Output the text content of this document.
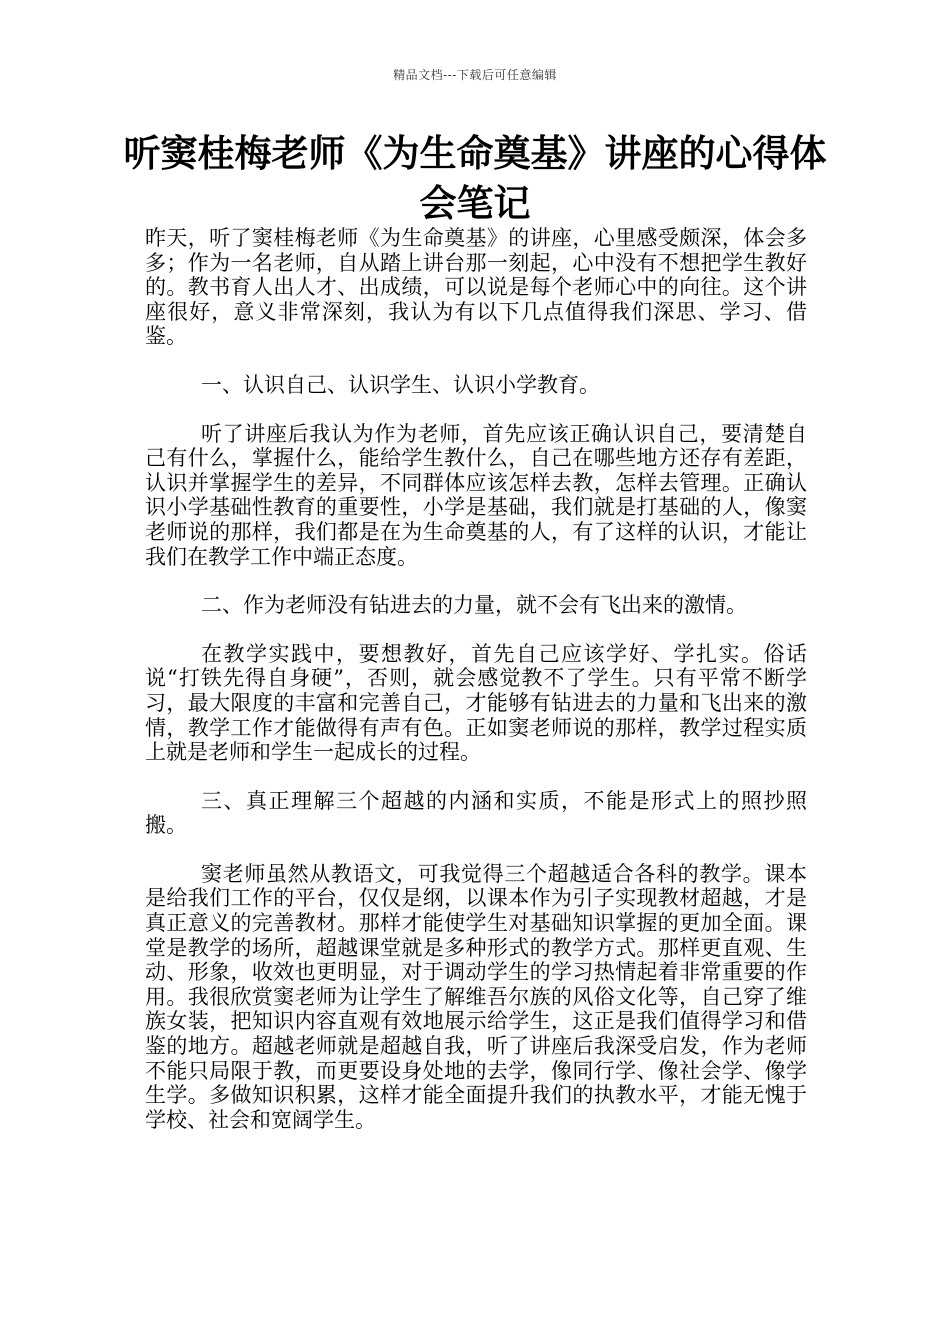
精品文档---下载后可任意编辑
听窦桂梅老师《为生命奠基》讲座的心得体会笔记

昨天，听了窦桂梅老师《为生命奠基》的讲座，心里感受颇深，体会多多；作为一名老师，自从踏上讲台那一刻起，心中没有不想把学生教好的。教书育人出人才、出成绩，可以说是每个老师心中的向往。这个讲座很好，意义非常深刻，我认为有以下几点值得我们深思、学习、借鉴。

一、认识自己、认识学生、认识小学教育。

听了讲座后我认为作为老师，首先应该正确认识自己，要清楚自己有什么，掌握什么，能给学生教什么，自己在哪些地方还存有差距，认识并掌握学生的差异，不同群体应该怎样去教，怎样去管理。正确认识小学基础性教育的重要性，小学是基础，我们就是打基础的人，像窦老师说的那样，我们都是在为生命奠基的人，有了这样的认识，才能让我们在教学工作中端正态度。

二、作为老师没有钻进去的力量，就不会有飞出来的激情。

在教学实践中，要想教好，首先自己应该学好、学扎实。俗话说“打铁先得自身硬”，否则，就会感觉教不了学生。只有平常不断学习，最大限度的丰富和完善自己，才能够有钻进去的力量和飞出来的激情，教学工作才能做得有声有色。正如窦老师说的那样，教学过程实质上就是老师和学生一起成长的过程。

三、真正理解三个超越的内涵和实质，不能是形式上的照抄照搬。

窦老师虽然从教语文，可我觉得三个超越适合各科的教学。课本是给我们工作的平台，仅仅是纲，以课本作为引子实现教材超越，才是真正意义的完善教材。那样才能使学生对基础知识掌握的更加全面。课堂是教学的场所，超越课堂就是多种形式的教学方式。那样更直观、生动、形象，收效也更明显，对于调动学生的学习热情起着非常重要的作用。我很欣赏窦老师为让学生了解维吾尔族的风俗文化等，自己穿了维族女装，把知识内容直观有效地展示给学生，这正是我们值得学习和借鉴的地方。超越老师就是超越自我，听了讲座后我深受启发，作为老师不能只局限于教，而更要设身处地的去学，像同行学、像社会学、像学生学。多做知识积累，这样才能全面提升我们的执教水平，才能无愧于学校、社会和宽阔学生。
